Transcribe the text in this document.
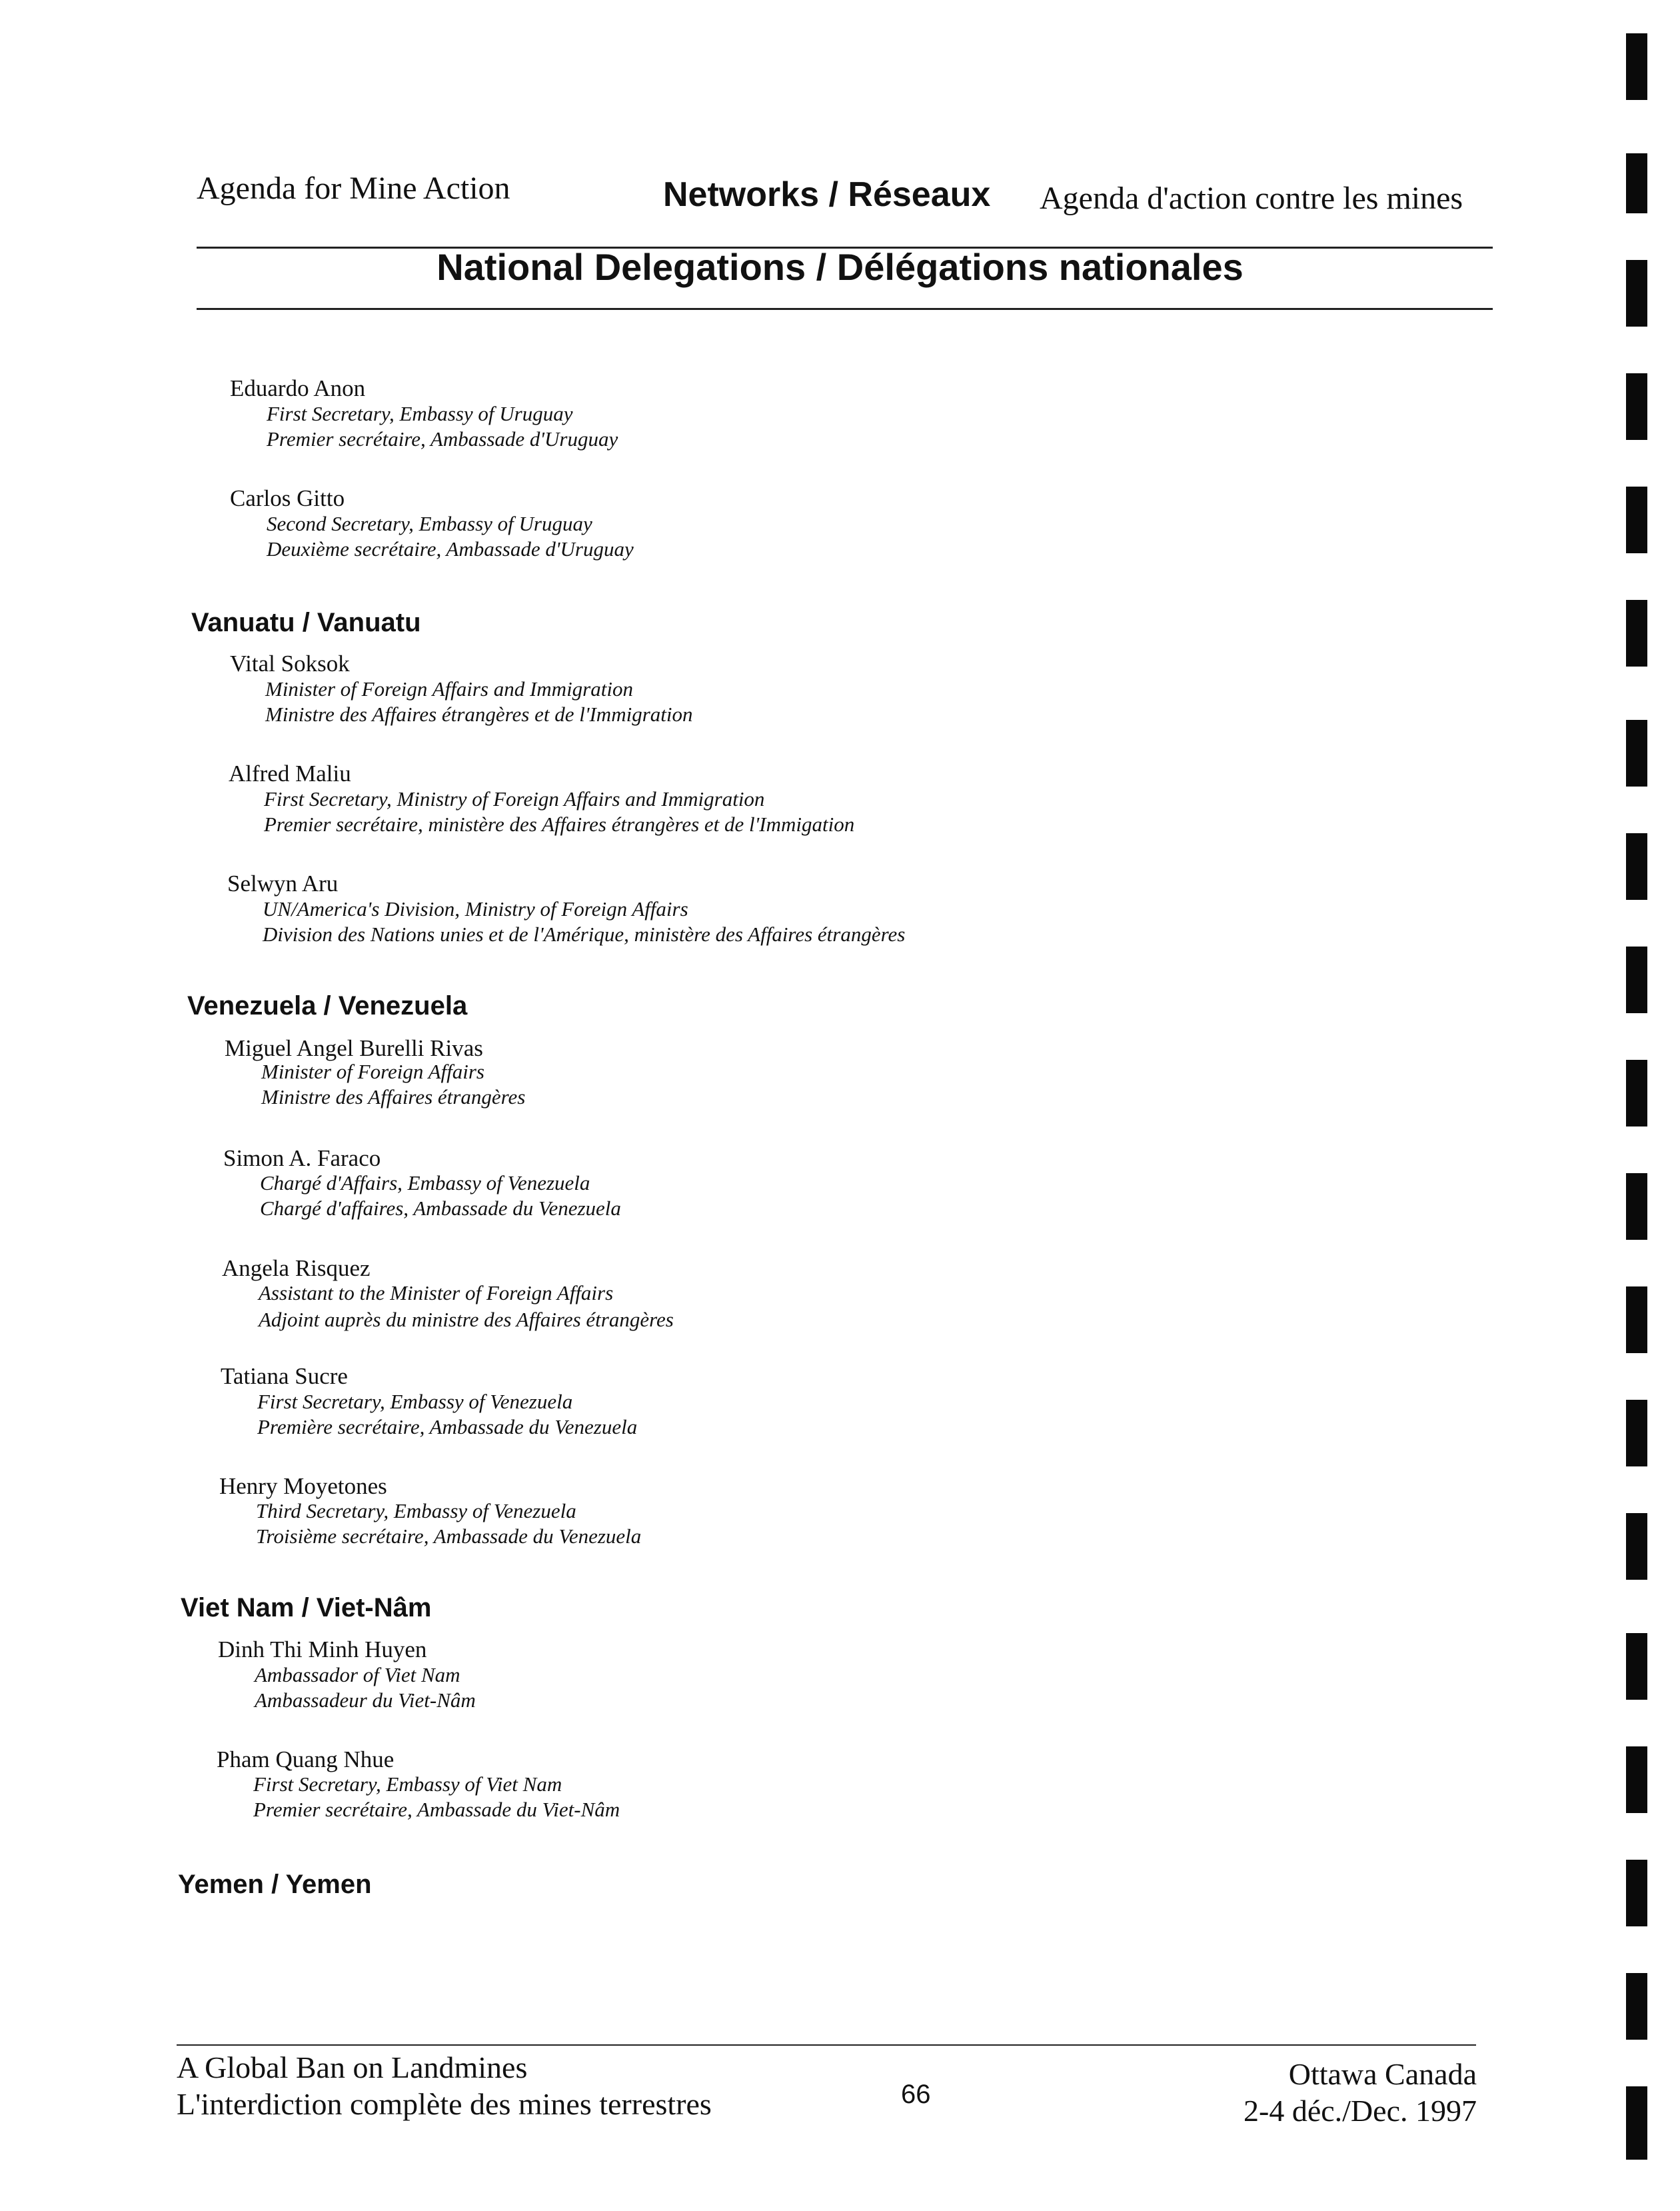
Agenda for Mine Action	Networks / Réseaux Agenda d'action contre les mines
National Delegations / Délégations nationales
Eduardo Anon
First Secretary, Embassy of Uruguay
Premier secrétaire, Ambassade d'Uruguay
Carlos Gitto
Second Secretary, Embassy of Uruguay
Deuxième secrétaire, Ambassade d'Uruguay
Vanuatu / Vanuatu
Vital Soksok
Minister of Foreign Affairs and Immigration
Ministre des Affaires étrangères et de l'Immigration
Alfred Maliu
First Secretary, Ministry of Foreign Affairs and Immigration
Premier secrétaire, ministère des Affaires étrangères et de l'Immigation
Selwyn Aru
UN/America's Division, Ministry of Foreign Affairs
Division des Nations unies et de l'Amérique, ministère des Affaires étrangères
Venezuela / Venezuela
Miguel Angel Burelli Rivas
Minister of Foreign Affairs
Ministre des Affaires étrangères
Simon A. Faraco
Chargé d'Affairs, Embassy of Venezuela
Chargé d'affaires, Ambassade du Venezuela
Angela Risquez
Assistant to the Minister of Foreign Affairs
Adjoint auprès du ministre des Affaires étrangères
Tatiana Sucre
First Secretary, Embassy of Venezuela
Première secrétaire, Ambassade du Venezuela
Henry Moyetones
Third Secretary, Embassy of Venezuela
Troisième secrétaire, Ambassade du Venezuela
Viet Nam / Viet-Nâm
Dinh Thi Minh Huyen
Ambassador of Viet Nam
Ambassadeur du Viet-Nâm
Pham Quang Nhue
First Secretary, Embassy of Viet Nam
Premier secrétaire, Ambassade du Viet-Nâm
Yemen / Yemen
A Global Ban on Landmines
L'interdiction complète des mines terrestres	66
Ottawa Canada
2-4 déc./Dec. 1997
